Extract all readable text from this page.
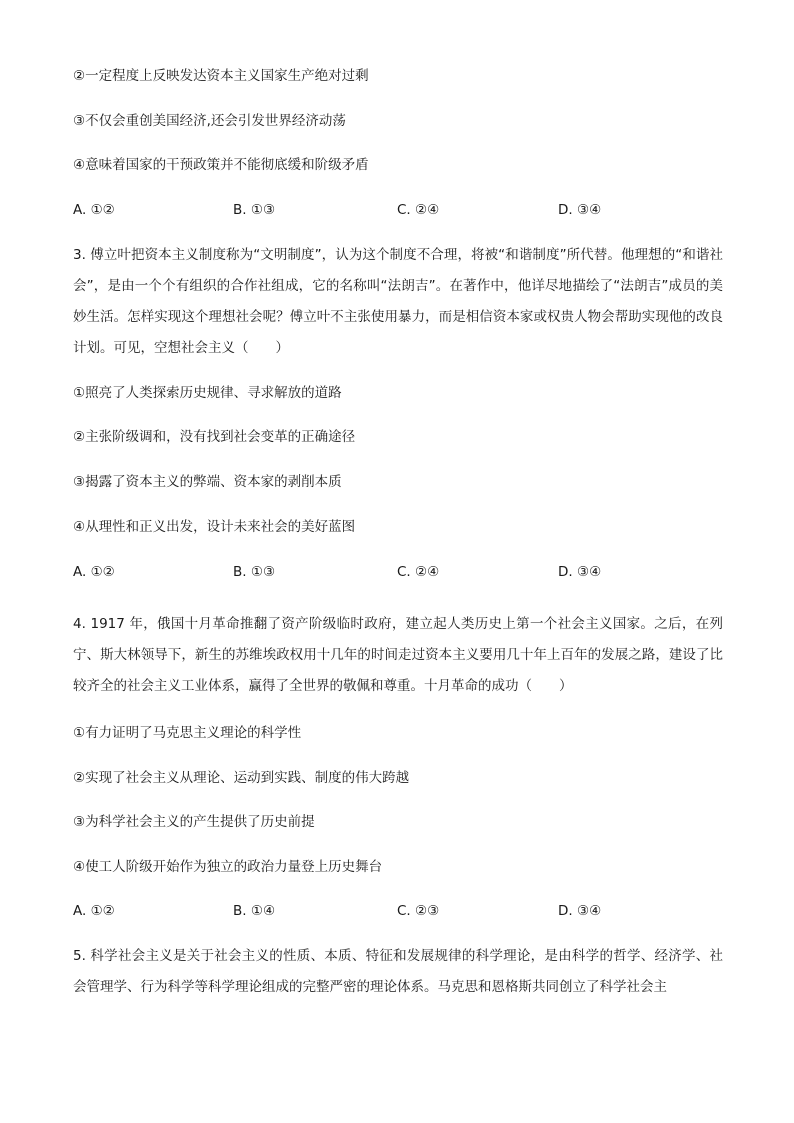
②一定程度上反映发达资本主义国家生产绝对过剩
③不仅会重创美国经济,还会引发世界经济动荡
④意味着国家的干预政策并不能彻底缓和阶级矛盾
A. ①②	B. ①③	C. ②④	D. ③④
3. 傅立叶把资本主义制度称为“文明制度”，认为这个制度不合理，将被“和谐制度”所代替。他理想的“和谐社会”，是由一个个有组织的合作社组成，它的名称叫“法朗吉”。在著作中，他详尽地描绘了“法朗吉”成员的美妙生活。怎样实现这个理想社会呢？傅立叶不主张使用暴力，而是相信资本家或权贵人物会帮助实现他的改良计划。可见，空想社会主义（　　）
①照亮了人类探索历史规律、寻求解放的道路
②主张阶级调和，没有找到社会变革的正确途径
③揭露了资本主义的弊端、资本家的剥削本质
④从理性和正义出发，设计未来社会的美好蓝图
A. ①②	B. ①③	C. ②④	D. ③④
4. 1917 年，俄国十月革命推翻了资产阶级临时政府，建立起人类历史上第一个社会主义国家。之后，在列宁、斯大林领导下，新生的苏维埃政权用十几年的时间走过资本主义要用几十年上百年的发展之路，建设了比较齐全的社会主义工业体系，赢得了全世界的敬佩和尊重。十月革命的成功（　　）
①有力证明了马克思主义理论的科学性
②实现了社会主义从理论、运动到实践、制度的伟大跨越
③为科学社会主义的产生提供了历史前提
④使工人阶级开始作为独立的政治力量登上历史舞台
A. ①②	B. ①④	C. ②③	D. ③④
5. 科学社会主义是关于社会主义的性质、本质、特征和发展规律的科学理论，是由科学的哲学、经济学、社会管理学、行为科学等科学理论组成的完整严密的理论体系。马克思和恩格斯共同创立了科学社会主
